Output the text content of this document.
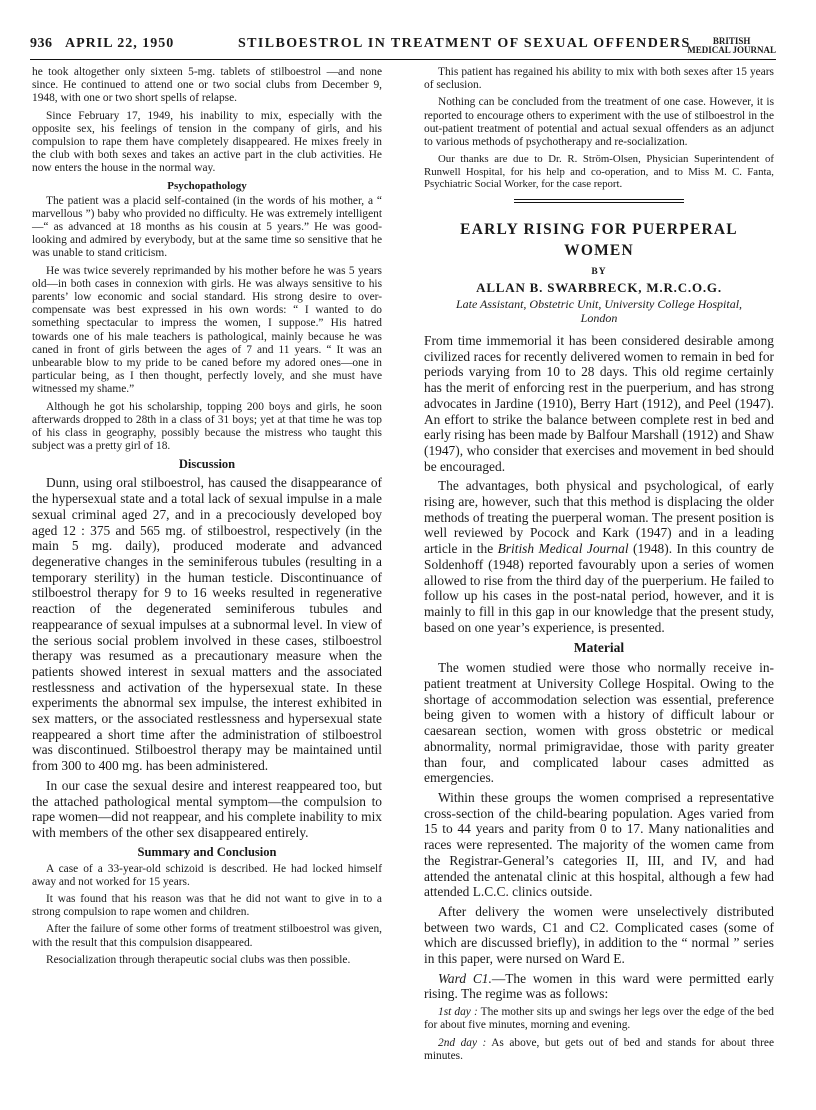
936 APRIL 22, 1950	STILBOESTROL IN TREATMENT OF SEXUAL OFFENDERS	BRITISH
MEDICAL JOURNAL

he took altogether only sixteen 5-mg. tablets of stilboestrol —and none since. He continued to attend one or two social clubs from December 9, 1948, with one or two short spells of relapse.

Since February 17, 1949, his inability to mix, especially with the opposite sex, his feelings of tension in the company of girls, and his compulsion to rape them have completely disappeared. He mixes freely in the club with both sexes and takes an active part in the club activities. He now enters the house in the normal way.

Psychopathology

The patient was a placid self-contained (in the words of his mother, a “ marvellous ”) baby who provided no difficulty. He was extremely intelligent—“ as advanced at 18 months as his cousin at 5 years.” He was good-looking and admired by everybody, but at the same time so sensitive that he was unable to stand criticism.

He was twice severely reprimanded by his mother before he was 5 years old—in both cases in connexion with girls. He was always sensitive to his parents’ low economic and social standard. His strong desire to over-compensate was best expressed in his own words: “ I wanted to do something spectacular to impress the women, I suppose.” His hatred towards one of his male teachers is pathological, mainly because he was caned in front of girls between the ages of 7 and 11 years. “ It was an unbearable blow to my pride to be caned before my adored ones—one in particular being, as I then thought, perfectly lovely, and she must have witnessed my shame.”

Although he got his scholarship, topping 200 boys and girls, he soon afterwards dropped to 28th in a class of 31 boys; yet at that time he was top of his class in geography, possibly because the mistress who taught this subject was a pretty girl of 18.

Discussion

Dunn, using oral stilboestrol, has caused the disappearance of the hypersexual state and a total lack of sexual impulse in a male sexual criminal aged 27, and in a precociously developed boy aged 12 : 375 and 565 mg. of stilboestrol, respectively (in the main 5 mg. daily), produced moderate and advanced degenerative changes in the seminiferous tubules (resulting in a temporary sterility) in the human testicle. Discontinuance of stilboestrol therapy for 9 to 16 weeks resulted in regenerative reaction of the degenerated seminiferous tubules and reappearance of sexual impulses at a subnormal level. In view of the serious social problem involved in these cases, stilboestrol therapy was resumed as a precautionary measure when the patients showed interest in sexual matters and the associated restlessness and activation of the hypersexual state. In these experiments the abnormal sex impulse, the interest exhibited in sex matters, or the associated restlessness and hypersexual state reappeared a short time after the administration of stilboestrol was discontinued. Stilboestrol therapy may be maintained until from 300 to 400 mg. has been administered.

In our case the sexual desire and interest reappeared too, but the attached pathological mental symptom—the compulsion to rape women—did not reappear, and his complete inability to mix with members of the other sex disappeared entirely.

Summary and Conclusion

A case of a 33-year-old schizoid is described. He had locked himself away and not worked for 15 years.

It was found that his reason was that he did not want to give in to a strong compulsion to rape women and children.

After the failure of some other forms of treatment stilboestrol was given, with the result that this compulsion disappeared.

Resocialization through therapeutic social clubs was then possible.

This patient has regained his ability to mix with both sexes after 15 years of seclusion.

Nothing can be concluded from the treatment of one case. However, it is reported to encourage others to experiment with the use of stilboestrol in the out-patient treatment of potential and actual sexual offenders as an adjunct to various methods of psychotherapy and re-socialization.

Our thanks are due to Dr. R. Ström-Olsen, Physician Superintendent of Runwell Hospital, for his help and co-operation, and to Miss M. C. Fanta, Psychiatric Social Worker, for the case report.

EARLY RISING FOR PUERPERAL
WOMEN
BY
ALLAN B. SWARBRECK, M.R.C.O.G.
Late Assistant, Obstetric Unit, University College Hospital,
London

From time immemorial it has been considered desirable among civilized races for recently delivered women to remain in bed for periods varying from 10 to 28 days. This old regime certainly has the merit of enforcing rest in the puerperium, and has strong advocates in Jardine (1910), Berry Hart (1912), and Peel (1947). An effort to strike the balance between complete rest in bed and early rising has been made by Balfour Marshall (1912) and Shaw (1947), who consider that exercises and movement in bed should be encouraged.

The advantages, both physical and psychological, of early rising are, however, such that this method is displacing the older methods of treating the puerperal woman. The present position is well reviewed by Pocock and Kark (1947) and in a leading article in the British Medical Journal (1948). In this country de Soldenhoff (1948) reported favourably upon a series of women allowed to rise from the third day of the puerperium. He failed to follow up his cases in the post-natal period, however, and it is mainly to fill in this gap in our knowledge that the present study, based on one year’s experience, is presented.

Material

The women studied were those who normally receive in-patient treatment at University College Hospital. Owing to the shortage of accommodation selection was essential, preference being given to women with a history of difficult labour or caesarean section, women with gross obstetric or medical abnormality, normal primigravidae, those with parity greater than four, and complicated labour cases admitted as emergencies.

Within these groups the women comprised a representative cross-section of the child-bearing population. Ages varied from 15 to 44 years and parity from 0 to 17. Many nationalities and races were represented. The majority of the women came from the Registrar-General’s categories II, III, and IV, and had attended the antenatal clinic at this hospital, although a few had attended L.C.C. clinics outside.

After delivery the women were unselectively distributed between two wards, C1 and C2. Complicated cases (some of which are discussed briefly), in addition to the “ normal ” series in this paper, were nursed on Ward E.

Ward C1.—The women in this ward were permitted early rising. The regime was as follows:

1st day : The mother sits up and swings her legs over the edge of the bed for about five minutes, morning and evening.

2nd day : As above, but gets out of bed and stands for about three minutes.
